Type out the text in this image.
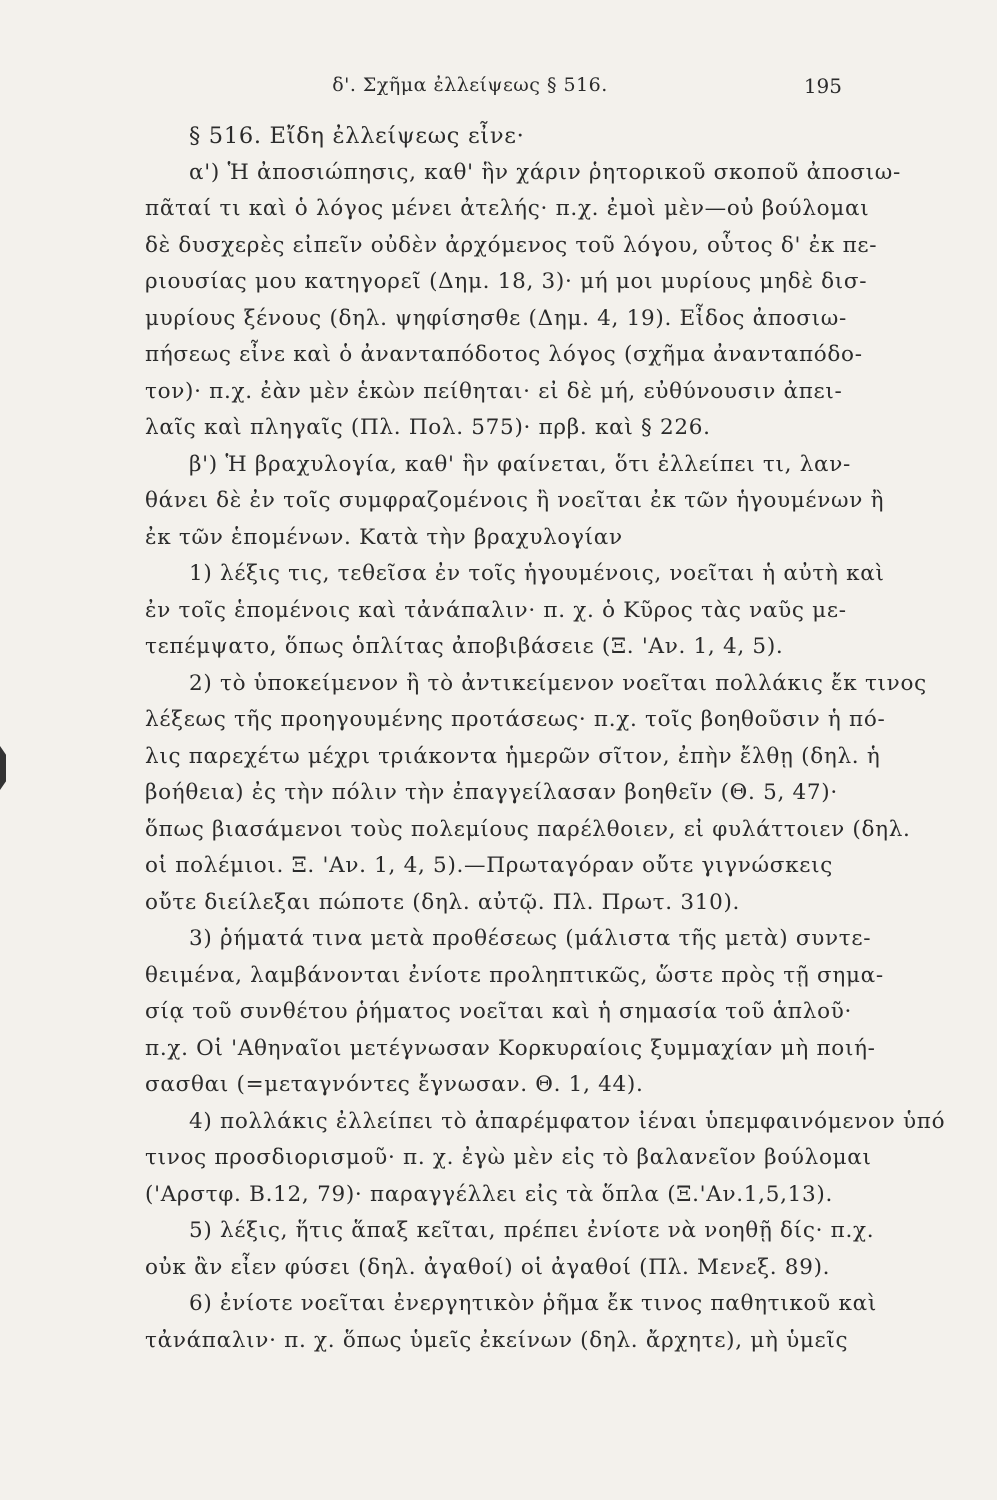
δ'. Σχῆμα ἐλλείψεως § 516.	195
§ 516. Εἴδη ἐλλείψεως εἶνε·
α') Ἡ ἀποσιώπησις, καθ' ἣν χάριν ῥητορικοῦ σκοποῦ ἀποσιω-
πᾶταί τι καὶ ὁ λόγος μένει ἀτελής· π.χ. ἐμοὶ μὲν—οὐ βούλομαι
δὲ δυσχερὲς εἰπεῖν οὐδὲν ἀρχόμενος τοῦ λόγου, οὗτος δ' ἐκ πε-
ριουσίας μου κατηγορεῖ (Δημ. 18, 3)· μή μοι μυρίους μηδὲ δισ-
μυρίους ξένους (δηλ. ψηφίσησθε (Δημ. 4, 19). Εἶδος ἀποσιω-
πήσεως εἶνε καὶ ὁ ἀνανταπόδοτος λόγος (σχῆμα ἀνανταπόδο-
τον)· π.χ. ἐὰν μὲν ἑκὼν πείθηται· εἰ δὲ μή, εὐθύνουσιν ἀπει-
λαῖς καὶ πληγαῖς (Πλ. Πολ. 575)· πρβ. καὶ § 226.
β') Ἡ βραχυλογία, καθ' ἣν φαίνεται, ὅτι ἐλλείπει τι, λαν-
θάνει δὲ ἐν τοῖς συμφραζομένοις ἢ νοεῖται ἐκ τῶν ἡγουμένων ἢ
ἐκ τῶν ἑπομένων. Κατὰ τὴν βραχυλογίαν
1) λέξις τις, τεθεῖσα ἐν τοῖς ἡγουμένοις, νοεῖται ἡ αὐτὴ καὶ
ἐν τοῖς ἑπομένοις καὶ τἀνάπαλιν· π. χ. ὁ Κῦρος τὰς ναῦς με-
τεπέμψατο, ὅπως ὁπλίτας ἀποβιβάσειε (Ξ. 'Αν. 1, 4, 5).
2) τὸ ὑποκείμενον ἢ τὸ ἀντικείμενον νοεῖται πολλάκις ἔκ τινος
λέξεως τῆς προηγουμένης προτάσεως· π.χ. τοῖς βοηθοῦσιν ἡ πό-
λις παρεχέτω μέχρι τριάκοντα ἡμερῶν σῖτον, ἐπὴν ἔλθῃ (δηλ. ἡ
βοήθεια) ἐς τὴν πόλιν τὴν ἐπαγγείλασαν βοηθεῖν (Θ. 5, 47)·
ὅπως βιασάμενοι τοὺς πολεμίους παρέλθοιεν, εἰ φυλάττοιεν (δηλ.
οἱ πολέμιοι. Ξ. 'Αν. 1, 4, 5).—Πρωταγόραν οὔτε γιγνώσκεις
οὔτε διείλεξαι πώποτε (δηλ. αὐτῷ. Πλ. Πρωτ. 310).
3) ῥήματά τινα μετὰ προθέσεως (μάλιστα τῆς μετὰ) συντε-
θειμένα, λαμβάνονται ἐνίοτε προληπτικῶς, ὥστε πρὸς τῇ σημα-
σίᾳ τοῦ συνθέτου ῥήματος νοεῖται καὶ ἡ σημασία τοῦ ἁπλοῦ·
π.χ. Οἱ 'Αθηναῖοι μετέγνωσαν Κορκυραίοις ξυμμαχίαν μὴ ποιή-
σασθαι (=μεταγνόντες ἔγνωσαν. Θ. 1, 44).
4) πολλάκις ἐλλείπει τὸ ἀπαρέμφατον ἰέναι ὑπεμφαινόμενον ὑπό
τινος προσδιορισμοῦ· π. χ. ἐγὼ μὲν εἰς τὸ βαλανεῖον βούλομαι
('Αρστφ. Β.12, 79)· παραγγέλλει εἰς τὰ ὅπλα (Ξ.'Αν.1,5,13).
5) λέξις, ἥτις ἅπαξ κεῖται, πρέπει ἐνίοτε νὰ νοηθῇ δίς· π.χ.
οὐκ ἂν εἶεν φύσει (δηλ. ἀγαθοί) οἱ ἀγαθοί (Πλ. Μενεξ. 89).
6) ἐνίοτε νοεῖται ἐνεργητικὸν ῥῆμα ἔκ τινος παθητικοῦ καὶ
τἀνάπαλιν· π. χ. ὅπως ὑμεῖς ἐκείνων (δηλ. ἄρχητε), μὴ ὑμεῖς
